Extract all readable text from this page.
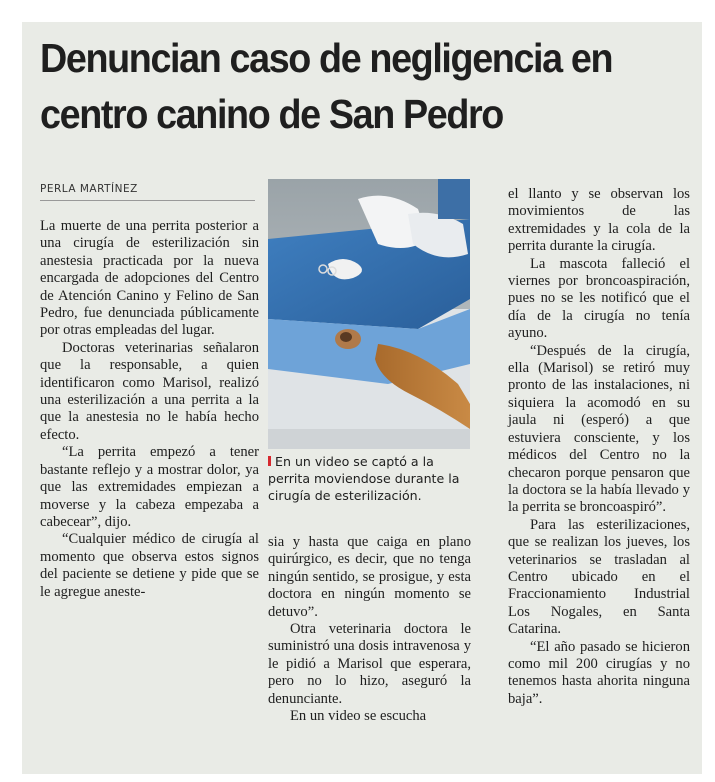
Denuncian caso de negligencia en centro canino de San Pedro
PERLA MARTÍNEZ

La muerte de una perrita posterior a una cirugía de esterilización sin anestesia practicada por la nueva encargada de adopciones del Centro de Atención Canino y Felino de San Pedro, fue denunciada públicamente por otras empleadas del lugar.

Doctoras veterinarias señalaron que la responsable, a quien identificaron como Marisol, realizó una esterilización a una perrita a la que la anestesia no le había hecho efecto.

“La perrita empezó a tener bastante reflejo y a mostrar dolor, ya que las extremidades empiezan a moverse y la cabeza empezaba a cabecear”, dijo.

“Cualquier médico de cirugía al momento que observa estos signos del paciente se detiene y pide que se le agregue aneste-

En un video se captó a la perrita moviendose durante la cirugía de esterilización.

sia y hasta que caiga en plano quirúrgico, es decir, que no tenga ningún sentido, se prosigue, y esta doctora en ningún momento se detuvo”.

Otra veterinaria doctora le suministró una dosis intravenosa y le pidió a Marisol que esperara, pero no lo hizo, aseguró la denunciante.

En un video se escucha

el llanto y se observan los movimientos de las extremidades y la cola de la perrita durante la cirugía.

La mascota falleció el viernes por broncoaspiración, pues no se les notificó que el día de la cirugía no tenía ayuno.

“Después de la cirugía, ella (Marisol) se retiró muy pronto de las instalaciones, ni siquiera la acomodó en su jaula ni (esperó) a que estuviera consciente, y los médicos del Centro no la checaron porque pensaron que la doctora se la había llevado y la perrita se broncoaspiró”.

Para las esterilizaciones, que se realizan los jueves, los veterinarios se trasladan al Centro ubicado en el Fraccionamiento Industrial Los Nogales, en Santa Catarina.

“El año pasado se hicieron como mil 200 cirugías y no tenemos hasta ahorita ninguna baja”.
